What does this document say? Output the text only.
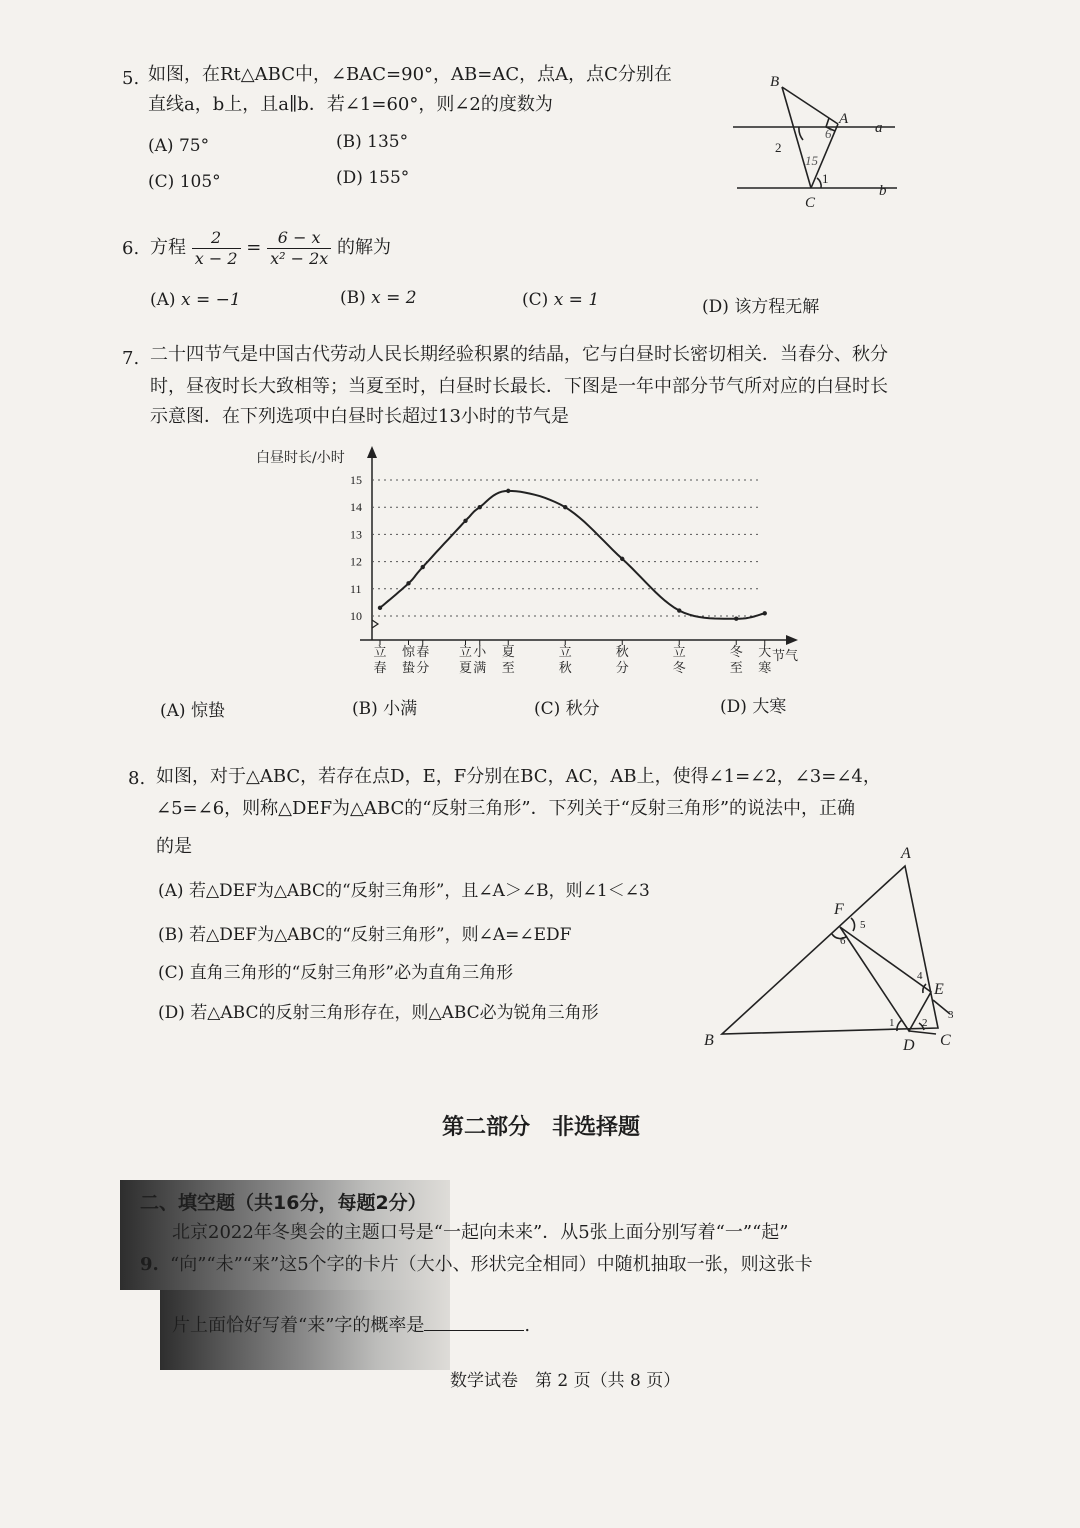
5. 如图，在Rt△ABC中，∠BAC=90°，AB=AC，点A，点C分别在
直线a，b上，且a∥b．若∠1=60°，则∠2的度数为
(A) 75°	(B) 135°
(C) 105°	(D) 155°
B
A
C
a
b
2
1
15
6
6. 方程 $\frac{2}{x - 2} = \frac{6 - x}{\text{x² − 2x}}$ 的解为
(A) x = −1	(B) x = 2	(C) x = 1	(D) 该方程无解
7. 二十四节气是中国古代劳动人民长期经验积累的结晶，它与白昼时长密切相关．当春分、秋分
时，昼夜时长大致相等；当夏至时，白昼时长最长．下图是一年中部分节气所对应的白昼时长
示意图．在下列选项中白昼时长超过13小时的节气是
白昼时长/小时
节气
10
11
12
13
14
15
立
春
惊
蛰
春
分
立
夏
小
满
夏
至
立
秋
秋
分
立
冬
冬
至
大
寒
(A) 惊蛰	(B) 小满	(C) 秋分	(D) 大寒
8. 如图，对于△ABC，若存在点D，E，F分别在BC，AC，AB上，使得∠1=∠2，∠3=∠4，
∠5=∠6，则称△DEF为△ABC的“反射三角形”．下列关于“反射三角形”的说法中，正确
的是
(A) 若△DEF为△ABC的“反射三角形”，且∠A＞∠B，则∠1＜∠3
(B) 若△DEF为△ABC的“反射三角形”，则∠A=∠EDF
(C) 直角三角形的“反射三角形”必为直角三角形
(D) 若△ABC的反射三角形存在，则△ABC必为锐角三角形
A
B	C
D
E
F
1	2
3
4
5
6
第二部分　非选择题
二、填空题（共16分，每题2分）
9.
北京2022年冬奥会的主题口号是“一起向未来”．从5张上面分别写着“一”“起”
“向”“未”“来”这5个字的卡片（大小、形状完全相同）中随机抽取一张，则这张卡
片上面恰好写着“来”字的概率是	.
数学试卷　第 2 页（共 8 页）
